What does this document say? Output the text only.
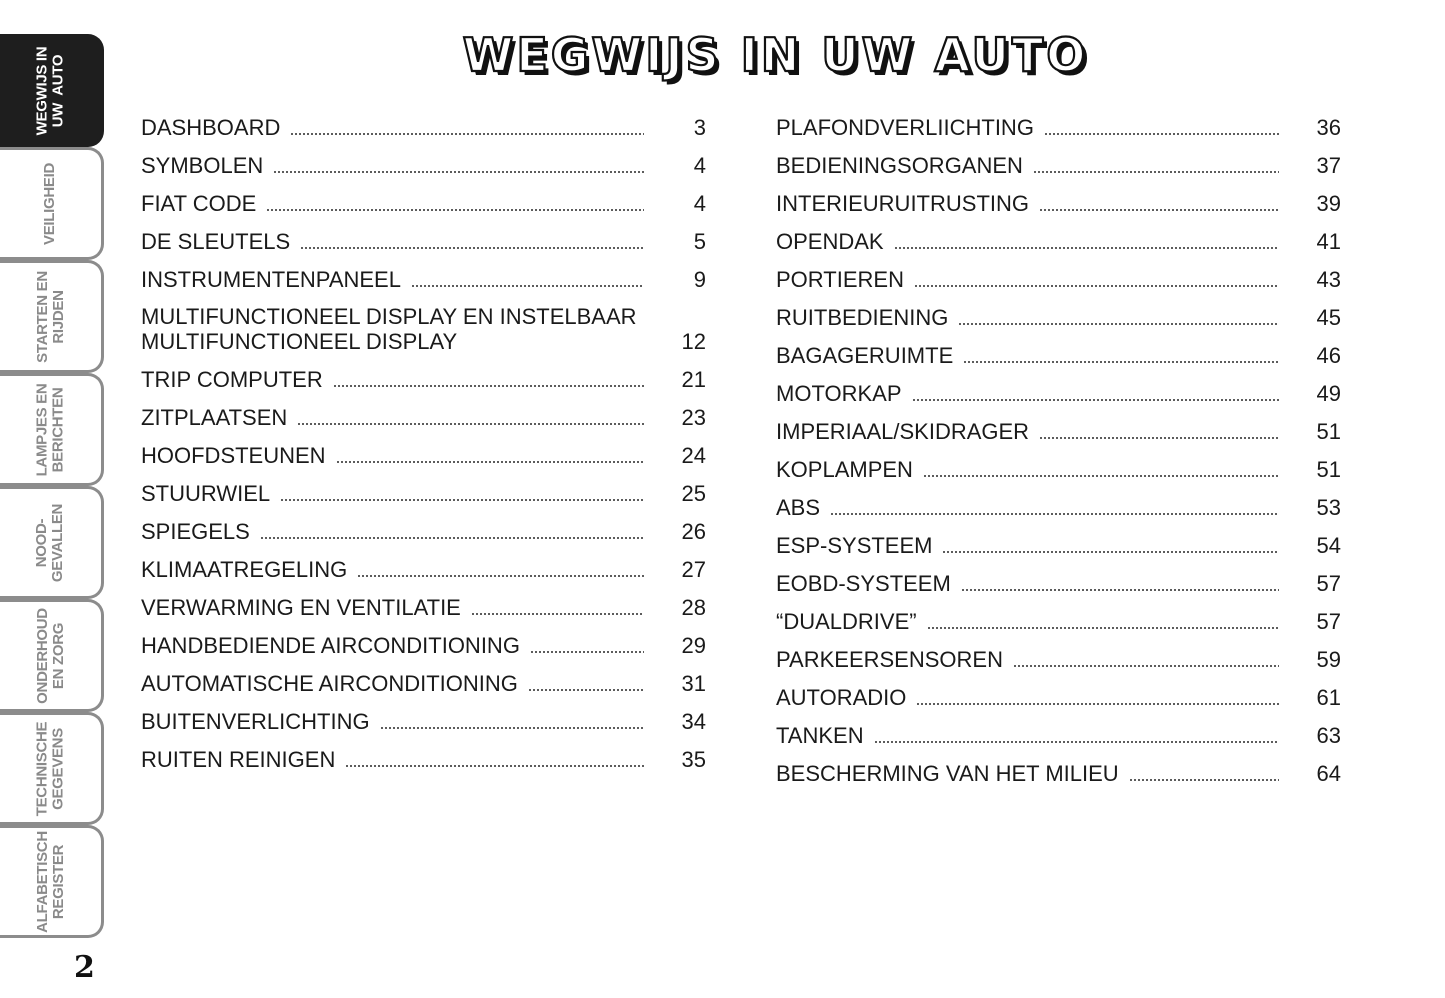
WEGWIJS IN
UW  AUTO
VEILIGHEID
STARTEN EN
RIJDEN
LAMPJES EN
BERICHTEN
NOOD-
GEVALLEN
ONDERHOUD
EN ZORG
TECHNISCHE
GEGEVENS
ALFABETISCH
REGISTER
2
WEGWIJS IN UW AUTO
DASHBOARD	3
SYMBOLEN	4
FIAT CODE	4
DE SLEUTELS	5
INSTRUMENTENPANEEL	9
MULTIFUNCTIONEEL DISPLAY EN INSTELBAAR
MULTIFUNCTIONEEL DISPLAY	12
TRIP COMPUTER	21
ZITPLAATSEN	23
HOOFDSTEUNEN	24
STUURWIEL	25
SPIEGELS	26
KLIMAATREGELING	27
VERWARMING EN VENTILATIE	28
HANDBEDIENDE AIRCONDITIONING	29
AUTOMATISCHE AIRCONDITIONING	31
BUITENVERLICHTING	34
RUITEN REINIGEN	35
PLAFONDVERLIICHTING	36
BEDIENINGSORGANEN	37
INTERIEURUITRUSTING	39
OPENDAK	41
PORTIEREN	43
RUITBEDIENING	45
BAGAGERUIMTE	46
MOTORKAP	49
IMPERIAAL/SKIDRAGER	51
KOPLAMPEN	51
ABS	53
ESP-SYSTEEM	54
EOBD-SYSTEEM	57
“DUALDRIVE”	57
PARKEERSENSOREN	59
AUTORADIO	61
TANKEN	63
BESCHERMING VAN HET MILIEU	64
